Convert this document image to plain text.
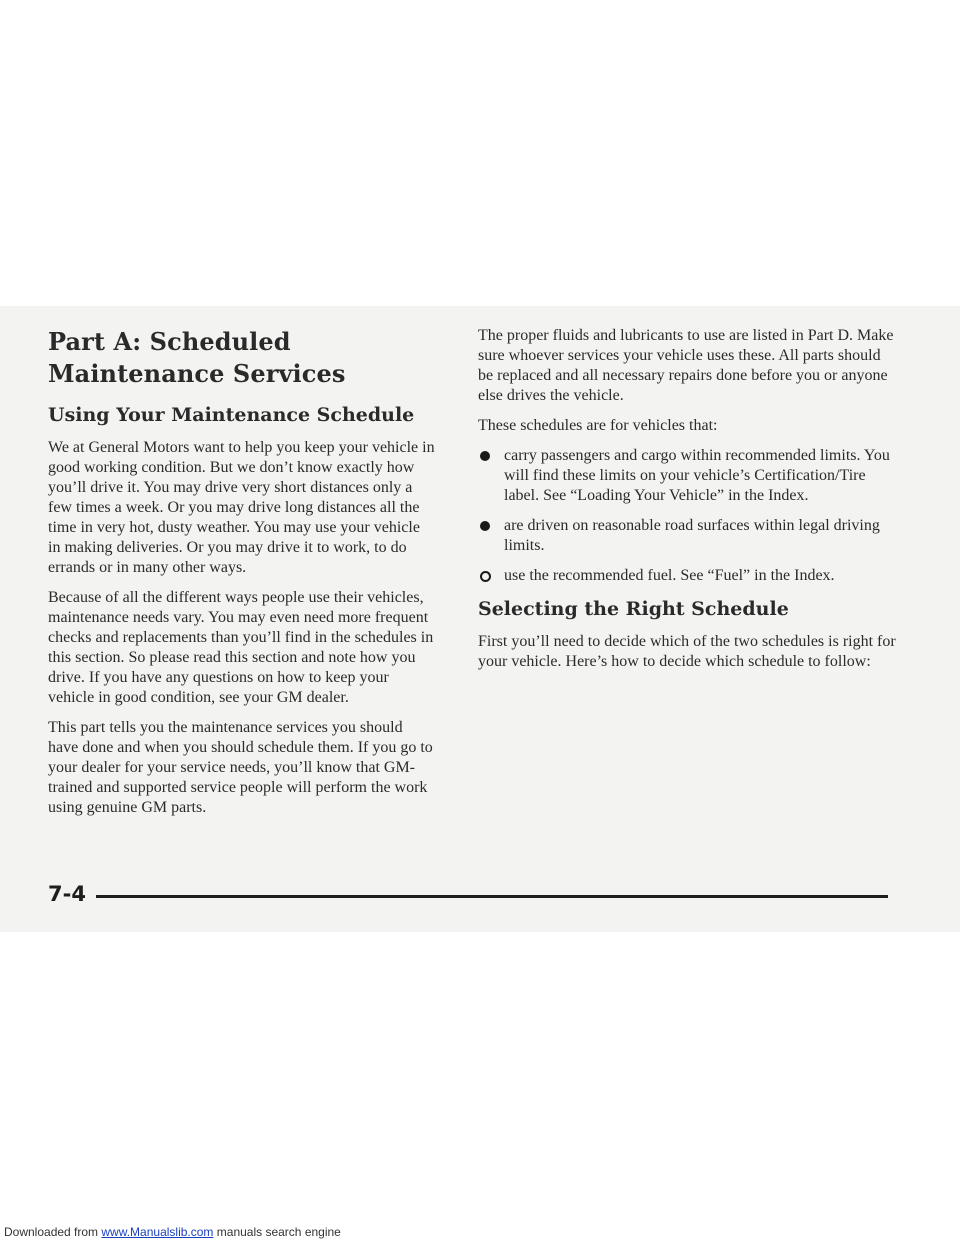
Part A: Scheduled Maintenance Services
Using Your Maintenance Schedule

We at General Motors want to help you keep your vehicle in good working condition. But we don’t know exactly how you’ll drive it. You may drive very short distances only a few times a week. Or you may drive long distances all the time in very hot, dusty weather. You may use your vehicle in making deliveries. Or you may drive it to work, to do errands or in many other ways.

Because of all the different ways people use their vehicles, maintenance needs vary. You may even need more frequent checks and replacements than you’ll find in the schedules in this section. So please read this section and note how you drive. If you have any questions on how to keep your vehicle in good condition, see your GM dealer.

This part tells you the maintenance services you should have done and when you should schedule them. If you go to your dealer for your service needs, you’ll know that GM-trained and supported service people will perform the work using genuine GM parts.

The proper fluids and lubricants to use are listed in Part D. Make sure whoever services your vehicle uses these. All parts should be replaced and all necessary repairs done before you or anyone else drives the vehicle.

These schedules are for vehicles that:

carry passengers and cargo within recommended limits. You will find these limits on your vehicle’s Certification/Tire label. See “Loading Your Vehicle” in the Index.
are driven on reasonable road surfaces within legal driving limits.
use the recommended fuel. See “Fuel” in the Index.
Selecting the Right Schedule

First you’ll need to decide which of the two schedules is right for your vehicle. Here’s how to decide which schedule to follow:

7-4
Downloaded from www.Manualslib.com manuals search engine
